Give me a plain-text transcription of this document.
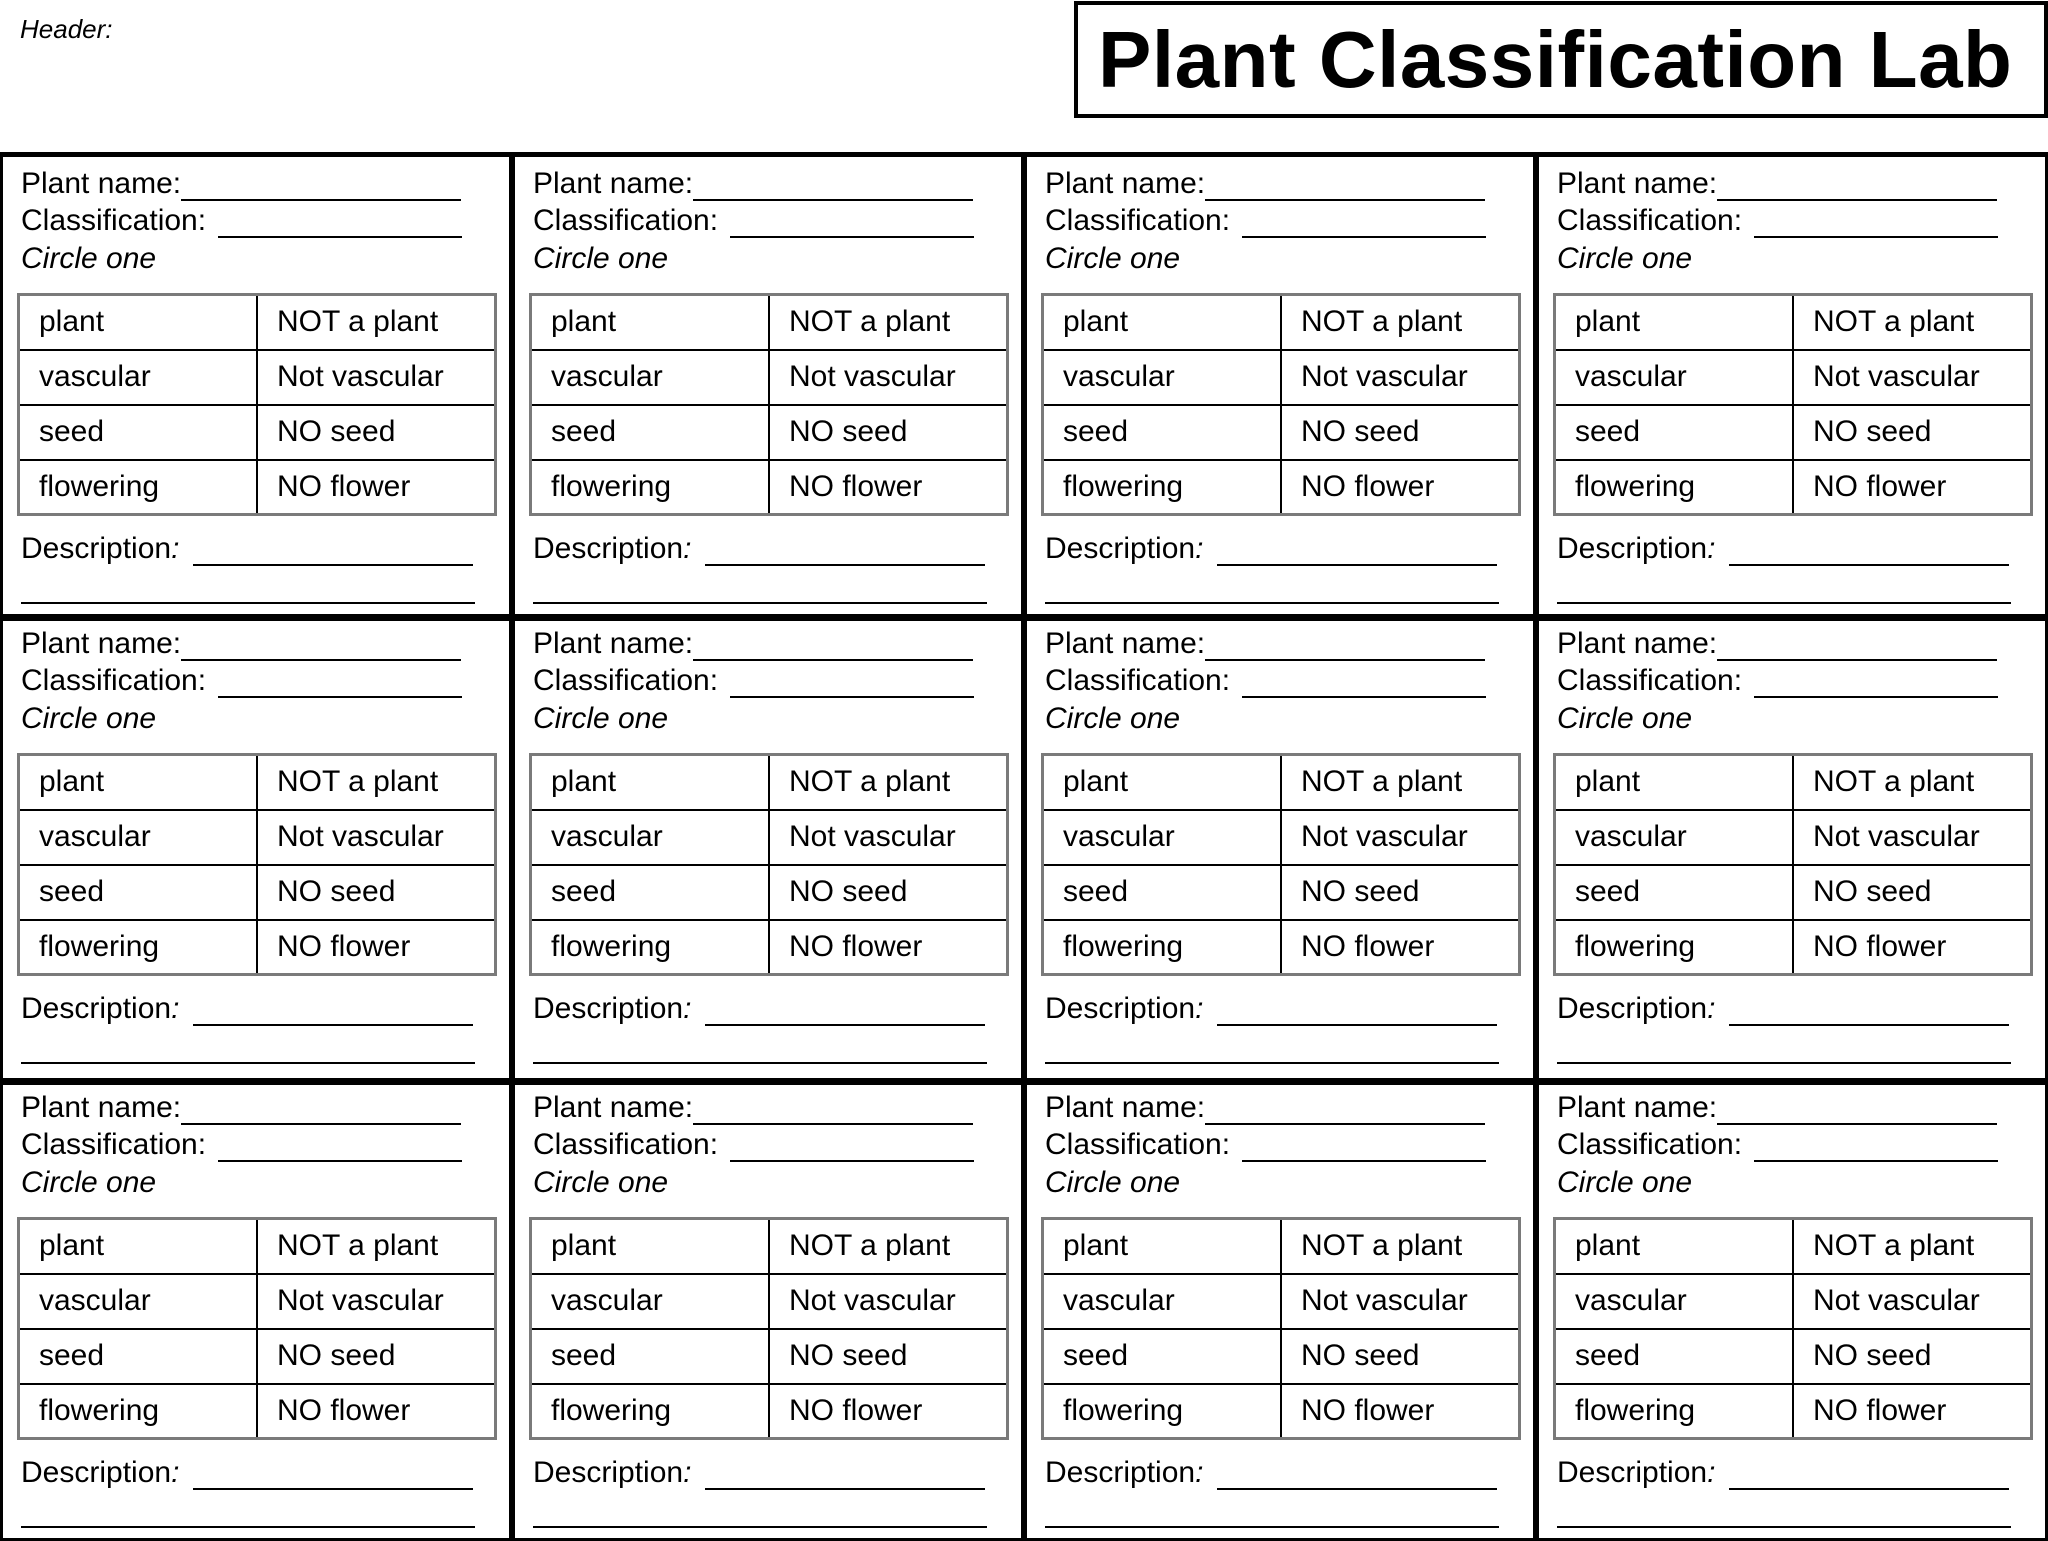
Header:	Plant Classification Lab
Plant name:
Classification:
Circle one
plant	NOT a plant
vascular	Not vascular
seed	NO seed
flowering	NO flower
Description :
Plant name:
Classification:
Circle one
plant	NOT a plant
vascular	Not vascular
seed	NO seed
flowering	NO flower
Description :
Plant name:
Classification:
Circle one
plant	NOT a plant
vascular	Not vascular
seed	NO seed
flowering	NO flower
Description :
Plant name:
Classification:
Circle one
plant	NOT a plant
vascular	Not vascular
seed	NO seed
flowering	NO flower
Description :
Plant name:
Classification:
Circle one
plant	NOT a plant
vascular	Not vascular
seed	NO seed
flowering	NO flower
Description :
Plant name:
Classification:
Circle one
plant	NOT a plant
vascular	Not vascular
seed	NO seed
flowering	NO flower
Description :
Plant name:
Classification:
Circle one
plant	NOT a plant
vascular	Not vascular
seed	NO seed
flowering	NO flower
Description :
Plant name:
Classification:
Circle one
plant	NOT a plant
vascular	Not vascular
seed	NO seed
flowering	NO flower
Description :
Plant name:
Classification:
Circle one
plant	NOT a plant
vascular	Not vascular
seed	NO seed
flowering	NO flower
Description :
Plant name:
Classification:
Circle one
plant	NOT a plant
vascular	Not vascular
seed	NO seed
flowering	NO flower
Description :
Plant name:
Classification:
Circle one
plant	NOT a plant
vascular	Not vascular
seed	NO seed
flowering	NO flower
Description :
Plant name:
Classification:
Circle one
plant	NOT a plant
vascular	Not vascular
seed	NO seed
flowering	NO flower
Description :
